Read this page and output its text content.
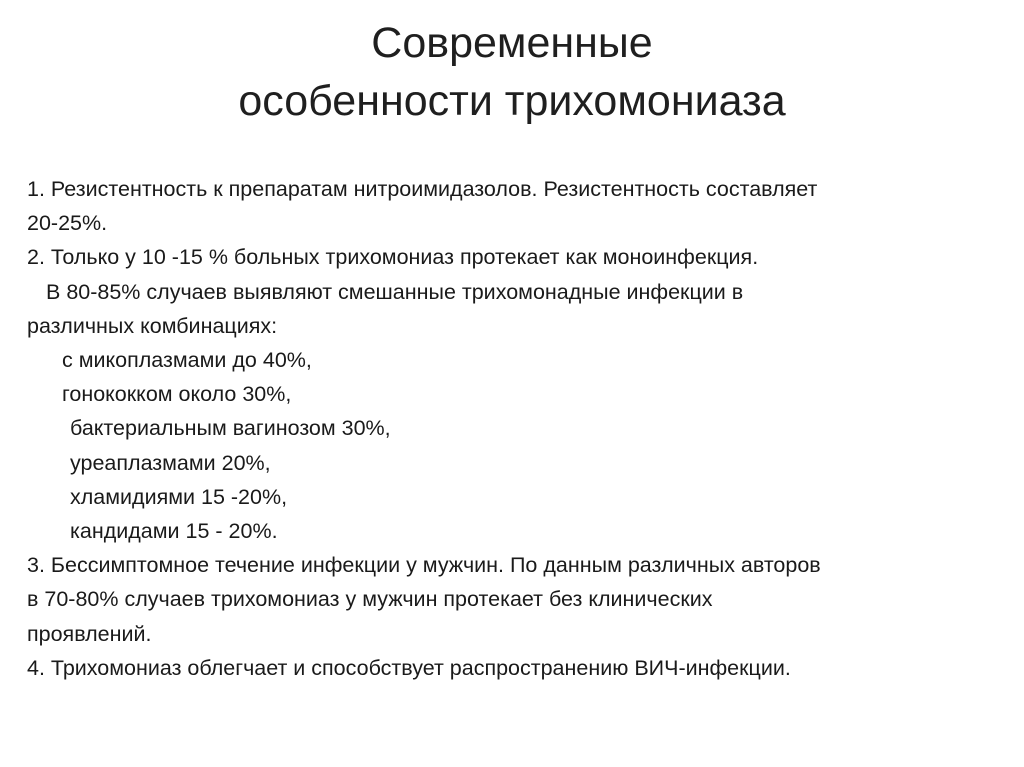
Современные
особенности трихомониаза
1. Резистентность к препаратам нитроимидазолов. Резистентность составляет
20-25%.
2. Только у 10 -15 % больных трихомониаз протекает как моноинфекция.
В 80-85% случаев выявляют смешанные трихомонадные инфекции в
различных комбинациях:
с микоплазмами до 40%,
гонококком около 30%,
бактериальным вагинозом 30%,
уреаплазмами 20%,
хламидиями 15 -20%,
кандидами 15 - 20%.
3. Бессимптомное течение инфекции у мужчин. По данным различных авторов
в 70-80% случаев трихомониаз у мужчин протекает без клинических
проявлений.
4. Трихомониаз облегчает и способствует распространению ВИЧ-инфекции.
